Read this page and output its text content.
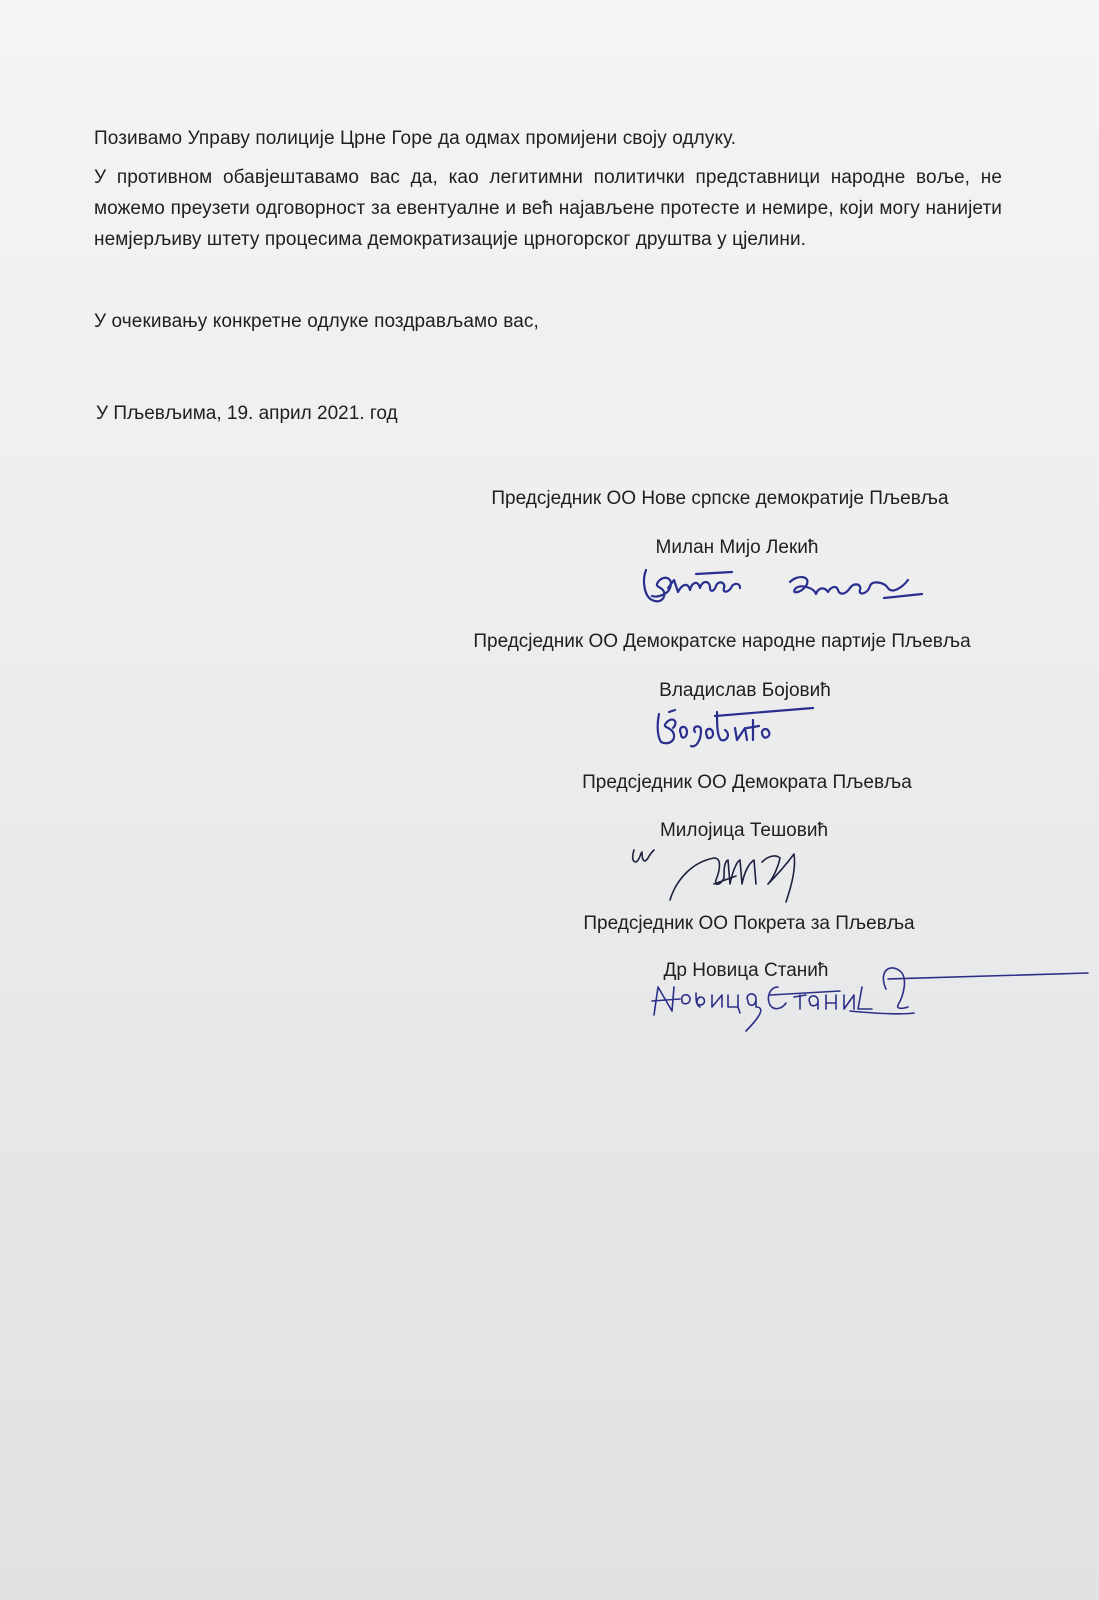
Позивамо Управу полиције Црне Горе да одмах промијени своју одлуку.
У противном обавјештавамо вас да, као легитимни политички представници народне воље, не можемо преузети одговорност за евентуалне и већ најављене протесте и немире, који могу нанијети немјерљиву штету процесима демократизације црногорског друштва у цјелини.
У очекивању конкретне одлуке поздрављамо вас,
У Пљевљима, 19. април 2021. год
Предсједник ОО Нове српске демократије Пљевља
Милан Мијо Лекић
Предсједник ОО Демократске народне партије Пљевља
Владислав Бојовић
Предсједник ОО Демократа Пљевља
Милојица Тешовић
Предсједник ОО Покрета за Пљевља
Др Новица Станић
